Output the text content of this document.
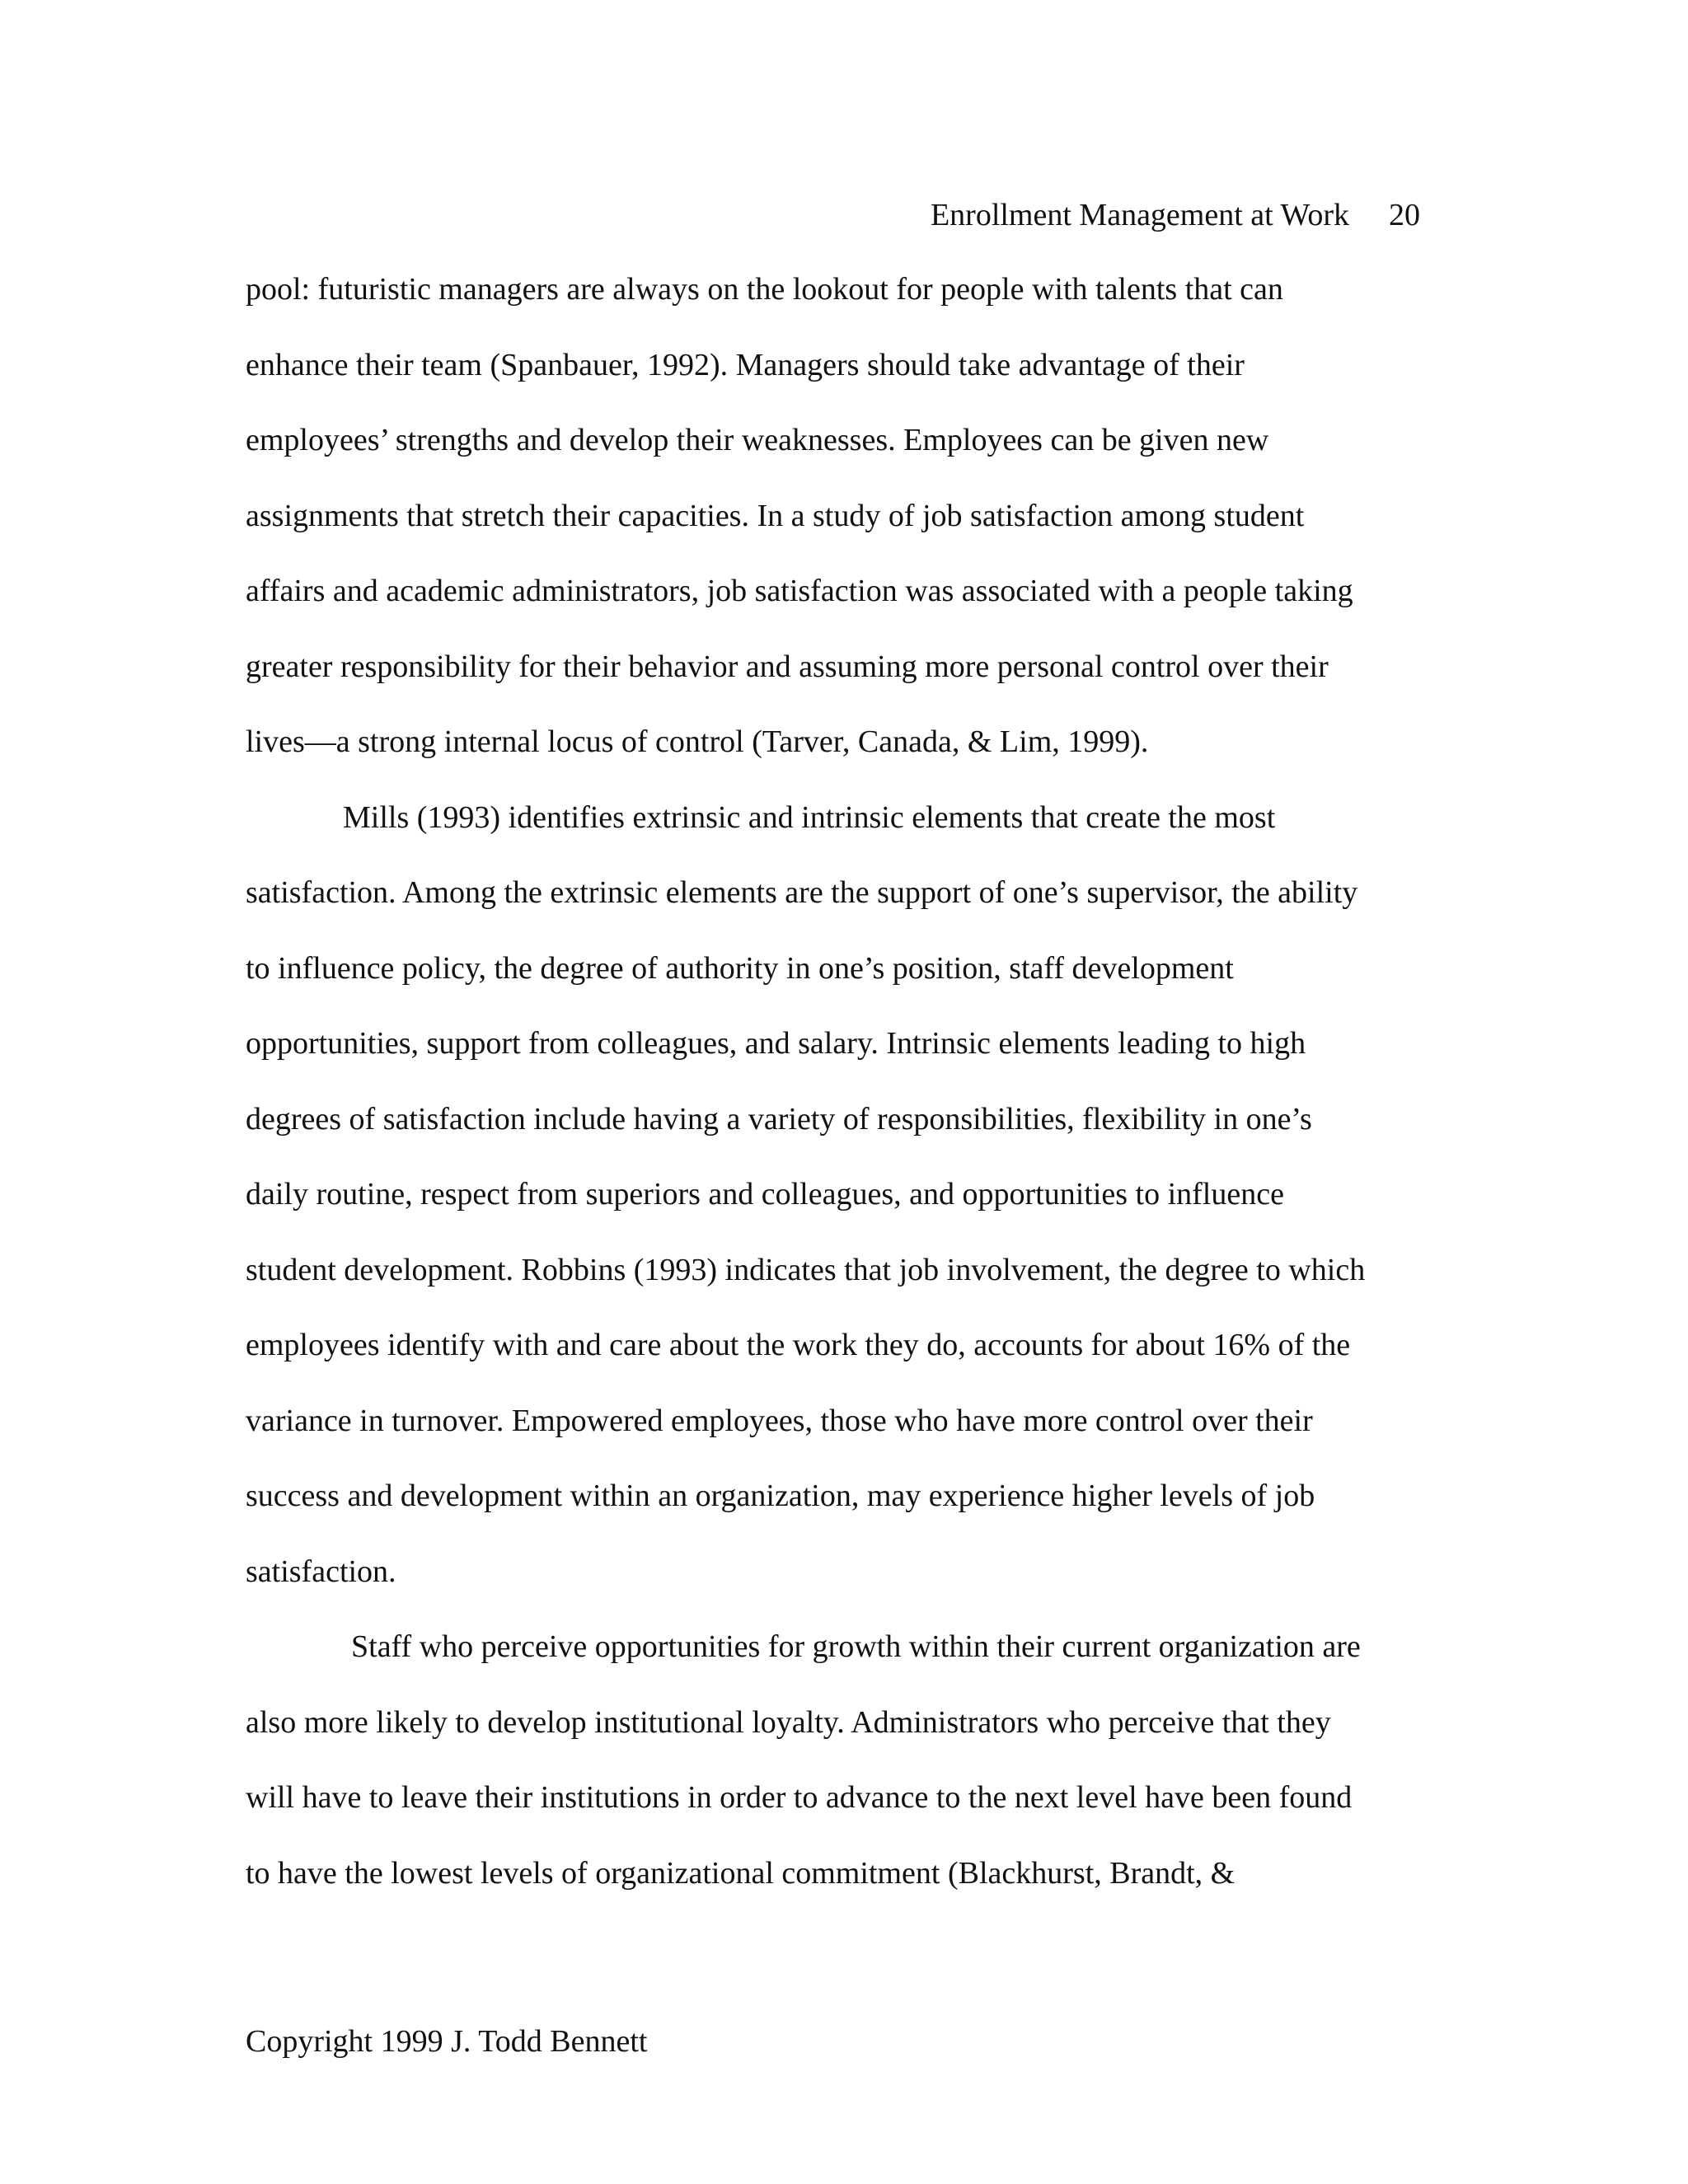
Enrollment Management at Work 20
pool: futuristic managers are always on the lookout for people with talents that can
enhance their team (Spanbauer, 1992). Managers should take advantage of their
employees’ strengths and develop their weaknesses. Employees can be given new
assignments that stretch their capacities. In a study of job satisfaction among student
affairs and academic administrators, job satisfaction was associated with a people taking
greater responsibility for their behavior and assuming more personal control over their
lives—a strong internal locus of control (Tarver, Canada, & Lim, 1999).
Mills (1993) identifies extrinsic and intrinsic elements that create the most
satisfaction. Among the extrinsic elements are the support of one’s supervisor, the ability
to influence policy, the degree of authority in one’s position, staff development
opportunities, support from colleagues, and salary. Intrinsic elements leading to high
degrees of satisfaction include having a variety of responsibilities, flexibility in one’s
daily routine, respect from superiors and colleagues, and opportunities to influence
student development. Robbins (1993) indicates that job involvement, the degree to which
employees identify with and care about the work they do, accounts for about 16% of the
variance in turnover. Empowered employees, those who have more control over their
success and development within an organization, may experience higher levels of job
satisfaction.
Staff who perceive opportunities for growth within their current organization are
also more likely to develop institutional loyalty. Administrators who perceive that they
will have to leave their institutions in order to advance to the next level have been found
to have the lowest levels of organizational commitment (Blackhurst, Brandt, &
Copyright 1999 J. Todd Bennett
